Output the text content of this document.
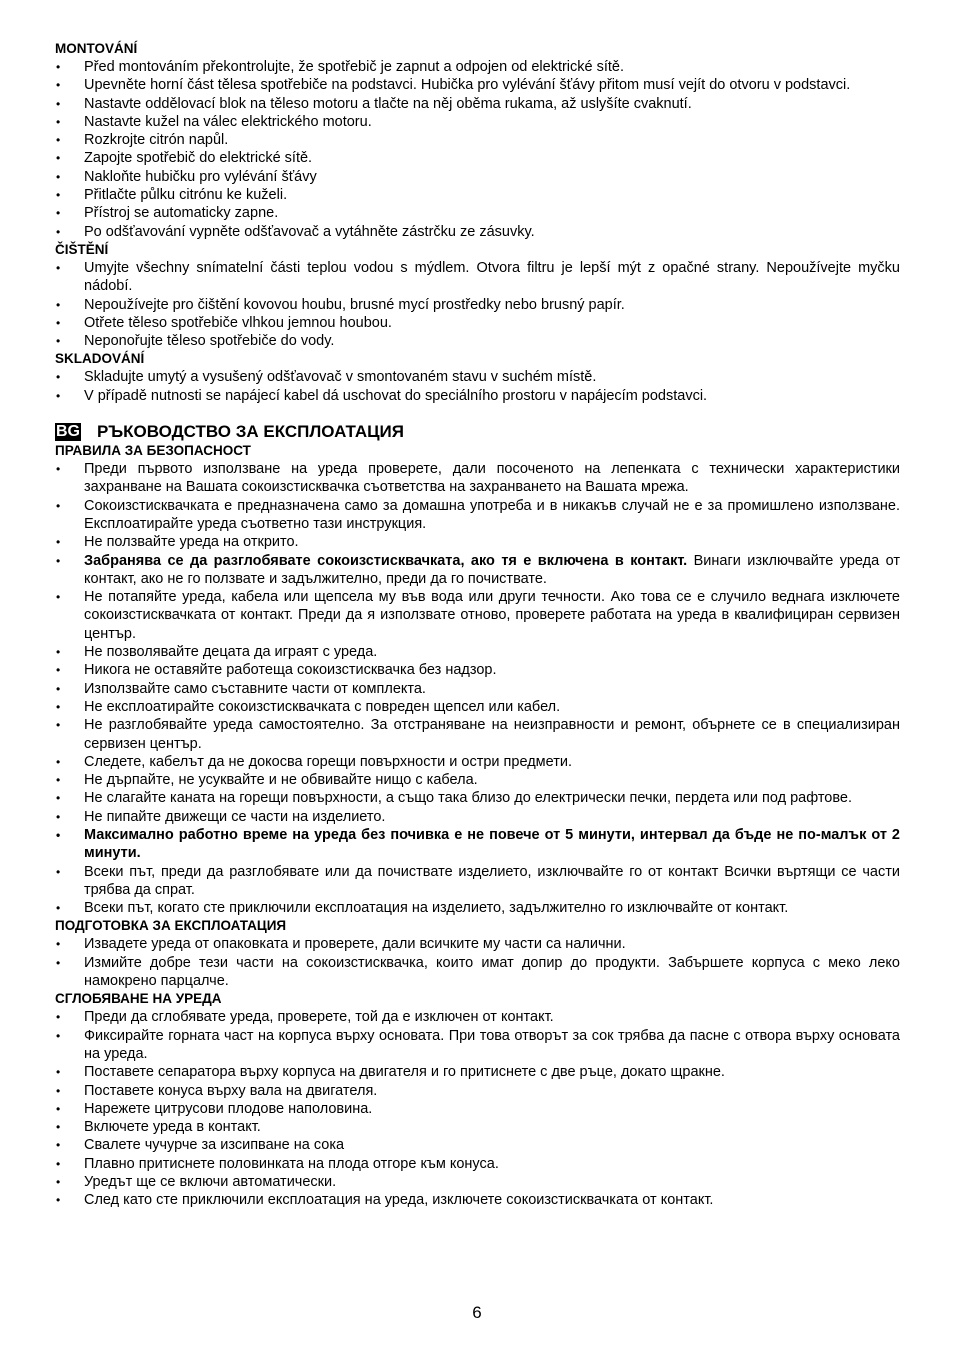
MONTOVÁNÍ
• Před montováním překontrolujte, že spotřebič je zapnut a odpojen od elektrické sítě.
• Upevněte horní část tělesa spotřebiče na podstavci. Hubička pro vylévání šťávy přitom musí vejít do otvoru v podstavci.
• Nastavte oddělovací blok na těleso motoru a tlačte na něj oběma rukama, až uslyšíte cvaknutí.
• Nastavte kužel na válec elektrického motoru.
• Rozkrojte citrón napůl.
• Zapojte spotřebič do elektrické sítě.
• Nakloňte hubičku pro vylévání šťávy
• Přitlačte půlku citrónu ke kuželi.
• Přístroj se automaticky zapne.
• Po odšťavování vypněte odšťavovač a vytáhněte zástrčku ze zásuvky.
ČIŠTĚNÍ
• Umyjte všechny snímatelní části teplou vodou s mýdlem. Otvora filtru je lepší mýt z opačné strany. Nepoužívejte myčku nádobí.
• Nepoužívejte pro čištění kovovou houbu, brusné mycí prostředky nebo brusný papír.
• Otřete těleso spotřebiče vlhkou jemnou houbou.
• Neponořujte těleso spotřebiče do vody.
SKLADOVÁNÍ
• Skladujte umytý a vysušený odšťavovač v smontovaném stavu v suchém místě.
• V případě nutnosti se napájecí kabel dá uschovat do speciálního prostoru v napájecím podstavci.
BG РЪКОВОДСТВО ЗА ЕКСПЛОАТАЦИЯ
ПРАВИЛА ЗА БЕЗОПАСНОСТ
• Преди първото използване на уреда проверете, дали посоченото на лепенката с технически характеристики захранване на Вашата сокоизстисквачка съответства на захранването на Вашата мрежа.
• Сокоизстисквачката е предназначена само за домашна употреба и в никакъв случай не е за промишлено използване. Експлоатирайте уреда съответно тази инструкция.
• Не ползвайте уреда на открито.
• Забранява се да разглобявате сокоизстисквачката, ако тя е включена в контакт. Винаги изключвайте уреда от контакт, ако не го ползвате и задължително, преди да го почиствате.
• Не потапяйте уреда, кабела или щепсела му във вода или други течности. Ако това се е случило веднага изключете сокоизстисквачката от контакт. Преди да я използвате отново, проверете работата на уреда в квалифициран сервизен център.
• Не позволявайте децата да играят с уреда.
• Никога не оставяйте работеща сокоизстисквачка без надзор.
• Използвайте само съставните части от комплекта.
• Не експлоатирайте сокоизстисквачката с повреден щепсел или кабел.
• Не разглобявайте уреда самостоятелно. За отстраняване на неизправности и ремонт, обърнете се в специализиран сервизен център.
• Следете, кабелът да не докосва горещи повърхности и остри предмети.
• Не дърпайте, не усуквайте и не обвивайте нищо с кабела.
• Не слагайте каната на горещи повърхности, а също така близо до електрически печки, пердета или под рафтове.
• Не пипайте движещи се части на изделието.
• Максимално работно време на уреда без почивка е не повече от 5 минути, интервал да бъде не по-малък от 2 минути.
• Всеки път, преди да разглобявате или да почиствате изделието, изключвайте го от контакт Всички въртящи се части трябва да спрат.
• Всеки път, когато сте приключили експлоатация на изделието, задължително го изключвайте от контакт.
ПОДГОТОВКА ЗА ЕКСПЛОАТАЦИЯ
• Извадете уреда от опаковката и проверете, дали всичките му части са налични.
• Измийте добре тези части на сокоизстисквачка, които имат допир до продукти. Забършете корпуса с меко леко намокрено парцалче.
СГЛОБЯВАНЕ НА УРЕДА
• Преди да сглобявате уреда, проверете, той да е изключен от контакт.
• Фиксирайте горната част на корпуса върху основата. При това отворът за сок трябва да пасне с отвора върху основата на уреда.
• Поставете сепаратора върху корпуса на двигателя и го притиснете с две ръце, докато щракне.
• Поставете конуса върху вала на двигателя.
• Нарежете цитрусови плодове наполовина.
• Включете уреда в контакт.
• Свалете чучурче за изсипване на сока
• Плавно притиснете половинката на плода отгоре към конуса.
• Уредът ще се включи автоматически.
• След като сте приключили експлоатация на уреда, изключете сокоизстисквачката от контакт.
6
